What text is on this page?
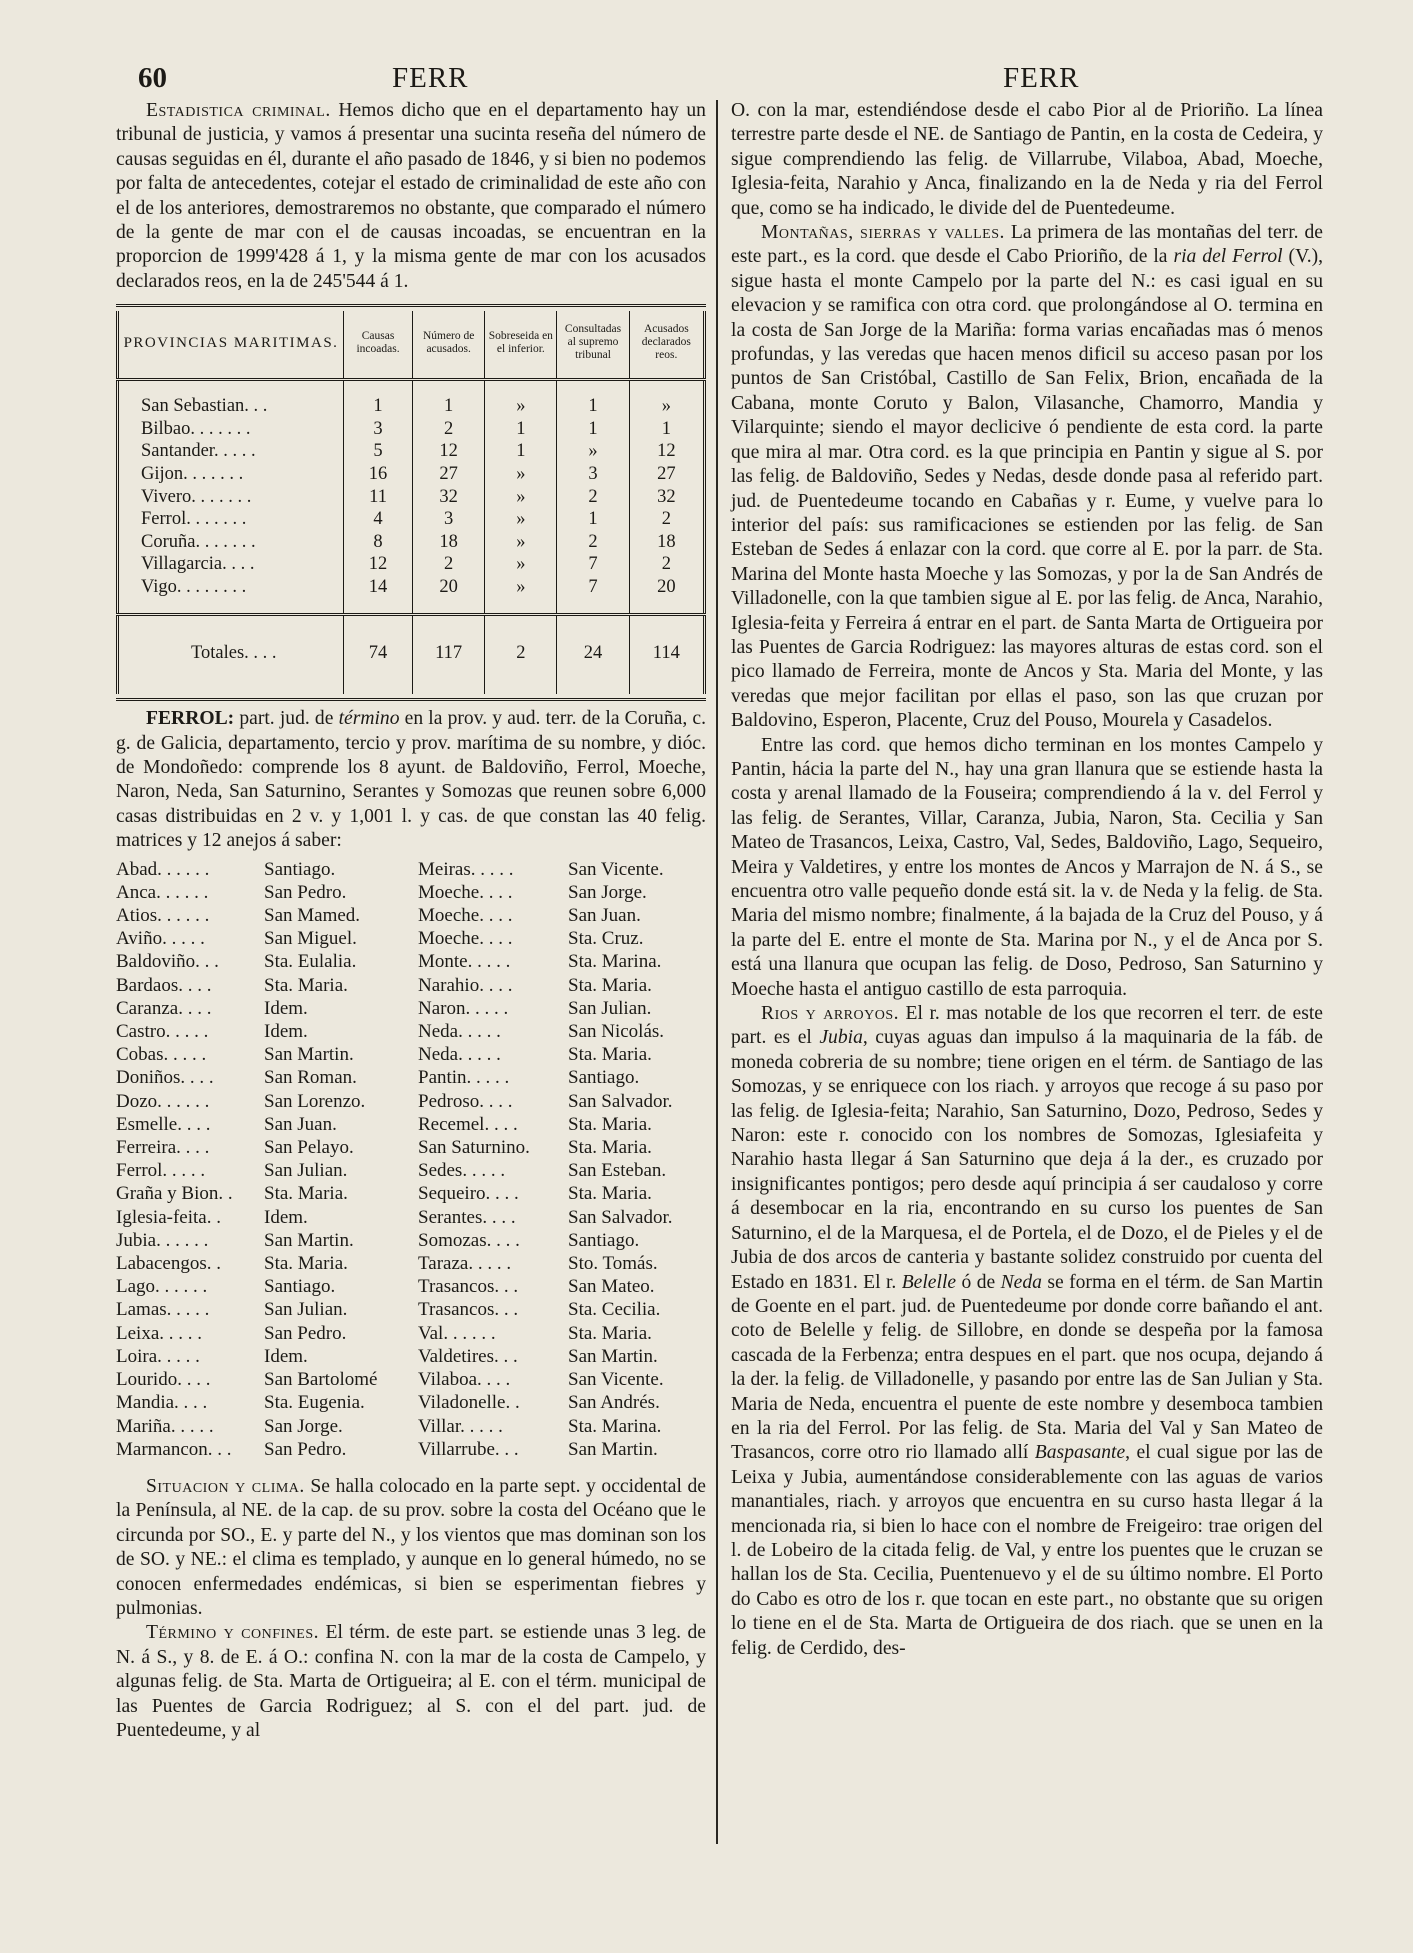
60	FERR	FERR

Estadistica criminal. Hemos dicho que en el departamento hay un tribunal de justicia, y vamos á presentar una sucinta reseña del número de causas seguidas en él, durante el año pasado de 1846, y si bien no podemos por falta de antecedentes, cotejar el estado de criminalidad de este año con el de los anteriores, demostraremos no obstante, que comparado el número de la gente de mar con el de causas incoadas, se encuentran en la proporcion de 1999'428 á 1, y la misma gente de mar con los acusados declarados reos, en la de 245'544 á 1.

PROVINCIAS MARITIMAS.	Causas incoadas.	Número de acusados.	Sobreseida en el inferior.	Consultadas al supremo tribunal	Acusados declarados reos.
San Sebastian. . .	1	1	»	1	»
Bilbao. . . . . . .	3	2	1	1	1
Santander. . . . .	5	12	1	»	12
Gijon. . . . . . .	16	27	»	3	27
Vivero. . . . . . .	11	32	»	2	32
Ferrol. . . . . . .	4	3	»	1	2
Coruña. . . . . . .	8	18	»	2	18
Villagarcia. . . .	12	2	»	7	2
Vigo. . . . . . . .	14	20	»	7	20
Totales. . . .	74	117	2	24	114

FERROL: part. jud. de término en la prov. y aud. terr. de la Coruña, c. g. de Galicia, departamento, tercio y prov. marítima de su nombre, y dióc. de Mondoñedo: comprende los 8 ayunt. de Baldoviño, Ferrol, Moeche, Naron, Neda, San Saturnino, Serantes y Somozas que reunen sobre 6,000 casas distribuidas en 2 v. y 1,001 l. y cas. de que constan las 40 felig. matrices y 12 anejos á saber:

Abad. . . . . .	Santiago.	Meiras. . . . .	San Vicente.
Anca. . . . . .	San Pedro.	Moeche. . . .	San Jorge.
Atios. . . . . .	San Mamed.	Moeche. . . .	San Juan.
Aviño. . . . .	San Miguel.	Moeche. . . .	Sta. Cruz.
Baldoviño. . .	Sta. Eulalia.	Monte. . . . .	Sta. Marina.
Bardaos. . . .	Sta. Maria.	Narahio. . . .	Sta. Maria.
Caranza. . . .	Idem.	Naron. . . . .	San Julian.
Castro. . . . .	Idem.	Neda. . . . .	San Nicolás.
Cobas. . . . .	San Martin.	Neda. . . . .	Sta. Maria.
Doniños. . . .	San Roman.	Pantin. . . . .	Santiago.
Dozo. . . . . .	San Lorenzo.	Pedroso. . . .	San Salvador.
Esmelle. . . .	San Juan.	Recemel. . . .	Sta. Maria.
Ferreira. . . .	San Pelayo.	San Saturnino.	Sta. Maria.
Ferrol. . . . .	San Julian.	Sedes. . . . .	San Esteban.
Graña y Bion. .	Sta. Maria.	Sequeiro. . . .	Sta. Maria.
Iglesia-feita. .	Idem.	Serantes. . . .	San Salvador.
Jubia. . . . . .	San Martin.	Somozas. . . .	Santiago.
Labacengos. .	Sta. Maria.	Taraza. . . . .	Sto. Tomás.
Lago. . . . . .	Santiago.	Trasancos. . .	San Mateo.
Lamas. . . . .	San Julian.	Trasancos. . .	Sta. Cecilia.
Leixa. . . . .	San Pedro.	Val. . . . . .	Sta. Maria.
Loira. . . . .	Idem.	Valdetires. . .	San Martin.
Lourido. . . .	San Bartolomé	Vilaboa. . . .	San Vicente.
Mandia. . . .	Sta. Eugenia.	Viladonelle. .	San Andrés.
Mariña. . . . .	San Jorge.	Villar. . . . .	Sta. Marina.
Marmancon. . .	San Pedro.	Villarrube. . .	San Martin.

Situacion y clima. Se halla colocado en la parte sept. y occidental de la Península, al NE. de la cap. de su prov. sobre la costa del Océano que le circunda por SO., E. y parte del N., y los vientos que mas dominan son los de SO. y NE.: el clima es templado, y aunque en lo general húmedo, no se conocen enfermedades endémicas, si bien se esperimentan fiebres y pulmonias.

Término y confines. El térm. de este part. se estiende unas 3 leg. de N. á S., y 8. de E. á O.: confina N. con la mar de la costa de Campelo, y algunas felig. de Sta. Marta de Ortigueira; al E. con el térm. municipal de las Puentes de Garcia Rodriguez; al S. con el del part. jud. de Puentedeume, y al

O. con la mar, estendiéndose desde el cabo Pior al de Prioriño. La línea terrestre parte desde el NE. de Santiago de Pantin, en la costa de Cedeira, y sigue comprendiendo las felig. de Villarrube, Vilaboa, Abad, Moeche, Iglesia-feita, Narahio y Anca, finalizando en la de Neda y ria del Ferrol que, como se ha indicado, le divide del de Puentedeume.

Montañas, sierras y valles. La primera de las montañas del terr. de este part., es la cord. que desde el Cabo Prioriño, de la ria del Ferrol (V.), sigue hasta el monte Campelo por la parte del N.: es casi igual en su elevacion y se ramifica con otra cord. que prolongándose al O. termina en la costa de San Jorge de la Mariña: forma varias encañadas mas ó menos profundas, y las veredas que hacen menos dificil su acceso pasan por los puntos de San Cristóbal, Castillo de San Felix, Brion, encañada de la Cabana, monte Coruto y Balon, Vilasanche, Chamorro, Mandia y Vilarquinte; siendo el mayor declicive ó pendiente de esta cord. la parte que mira al mar. Otra cord. es la que principia en Pantin y sigue al S. por las felig. de Baldoviño, Sedes y Nedas, desde donde pasa al referido part. jud. de Puentedeume tocando en Cabañas y r. Eume, y vuelve para lo interior del país: sus ramificaciones se estienden por las felig. de San Esteban de Sedes á enlazar con la cord. que corre al E. por la parr. de Sta. Marina del Monte hasta Moeche y las Somozas, y por la de San Andrés de Villadonelle, con la que tambien sigue al E. por las felig. de Anca, Narahio, Iglesia-feita y Ferreira á entrar en el part. de Santa Marta de Ortigueira por las Puentes de Garcia Rodriguez: las mayores alturas de estas cord. son el pico llamado de Ferreira, monte de Ancos y Sta. Maria del Monte, y las veredas que mejor facilitan por ellas el paso, son las que cruzan por Baldovino, Esperon, Placente, Cruz del Pouso, Mourela y Casadelos.

Entre las cord. que hemos dicho terminan en los montes Campelo y Pantin, hácia la parte del N., hay una gran llanura que se estiende hasta la costa y arenal llamado de la Fouseira; comprendiendo á la v. del Ferrol y las felig. de Serantes, Villar, Caranza, Jubia, Naron, Sta. Cecilia y San Mateo de Trasancos, Leixa, Castro, Val, Sedes, Baldoviño, Lago, Sequeiro, Meira y Valdetires, y entre los montes de Ancos y Marrajon de N. á S., se encuentra otro valle pequeño donde está sit. la v. de Neda y la felig. de Sta. Maria del mismo nombre; finalmente, á la bajada de la Cruz del Pouso, y á la parte del E. entre el monte de Sta. Marina por N., y el de Anca por S. está una llanura que ocupan las felig. de Doso, Pedroso, San Saturnino y Moeche hasta el antiguo castillo de esta parroquia.

Rios y arroyos. El r. mas notable de los que recorren el terr. de este part. es el Jubia, cuyas aguas dan impulso á la maquinaria de la fáb. de moneda cobreria de su nombre; tiene origen en el térm. de Santiago de las Somozas, y se enriquece con los riach. y arroyos que recoge á su paso por las felig. de Iglesia-feita; Narahio, San Saturnino, Dozo, Pedroso, Sedes y Naron: este r. conocido con los nombres de Somozas, Iglesiafeita y Narahio hasta llegar á San Saturnino que deja á la der., es cruzado por insignificantes pontigos; pero desde aquí principia á ser caudaloso y corre á desembocar en la ria, encontrando en su curso los puentes de San Saturnino, el de la Marquesa, el de Portela, el de Dozo, el de Pieles y el de Jubia de dos arcos de canteria y bastante solidez construido por cuenta del Estado en 1831. El r. Belelle ó de Neda se forma en el térm. de San Martin de Goente en el part. jud. de Puentedeume por donde corre bañando el ant. coto de Belelle y felig. de Sillobre, en donde se despeña por la famosa cascada de la Ferbenza; entra despues en el part. que nos ocupa, dejando á la der. la felig. de Villadonelle, y pasando por entre las de San Julian y Sta. Maria de Neda, encuentra el puente de este nombre y desemboca tambien en la ria del Ferrol. Por las felig. de Sta. Maria del Val y San Mateo de Trasancos, corre otro rio llamado allí Baspasante, el cual sigue por las de Leixa y Jubia, aumentándose considerablemente con las aguas de varios manantiales, riach. y arroyos que encuentra en su curso hasta llegar á la mencionada ria, si bien lo hace con el nombre de Freigeiro: trae origen del l. de Lobeiro de la citada felig. de Val, y entre los puentes que le cruzan se hallan los de Sta. Cecilia, Puentenuevo y el de su último nombre. El Porto do Cabo es otro de los r. que tocan en este part., no obstante que su origen lo tiene en el de Sta. Marta de Ortigueira de dos riach. que se unen en la felig. de Cerdido, des-
